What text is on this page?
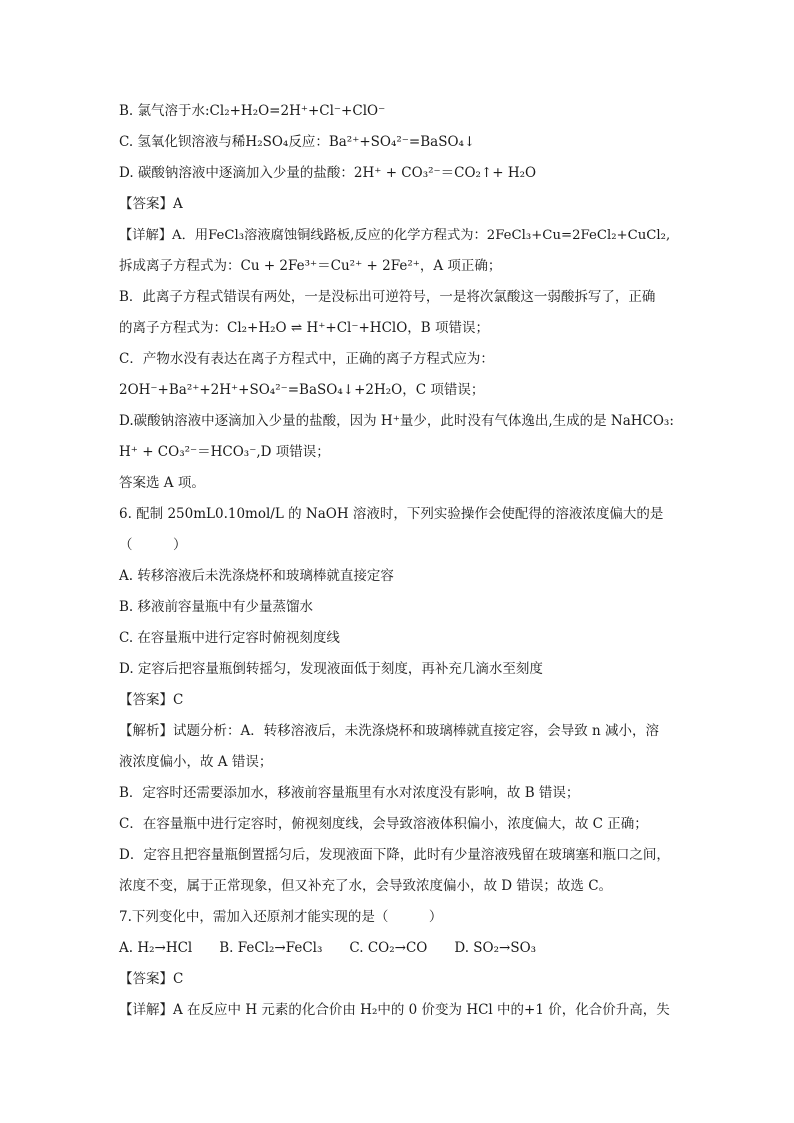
B. 氯气溶于水:Cl₂+H₂O=2H⁺+Cl⁻+ClO⁻
C. 氢氧化钡溶液与稀H₂SO₄反应：Ba²⁺+SO₄²⁻=BaSO₄↓
D. 碳酸钠溶液中逐滴加入少量的盐酸：2H⁺ + CO₃²⁻＝CO₂↑+ H₂O
【答案】A
【详解】A．用FeCl₃溶液腐蚀铜线路板,反应的化学方程式为：2FeCl₃+Cu=2FeCl₂+CuCl₂,
拆成离子方程式为：Cu + 2Fe³⁺＝Cu²⁺ + 2Fe²⁺，A 项正确；
B．此离子方程式错误有两处，一是没标出可逆符号，一是将次氯酸这一弱酸拆写了，正确
的离子方程式为：Cl₂+H₂O ⇌ H⁺+Cl⁻+HClO，B 项错误；
C．产物水没有表达在离子方程式中，正确的离子方程式应为：
2OH⁻+Ba²⁺+2H⁺+SO₄²⁻=BaSO₄↓+2H₂O，C 项错误；
D.碳酸钠溶液中逐滴加入少量的盐酸，因为 H⁺量少，此时没有气体逸出,生成的是 NaHCO₃:
H⁺ + CO₃²⁻＝HCO₃⁻,D 项错误；
答案选 A 项。
6. 配制 250mL0.10mol/L 的 NaOH 溶液时，下列实验操作会使配得的溶液浓度偏大的是
（　　　）
A. 转移溶液后未洗涤烧杯和玻璃棒就直接定容
B. 移液前容量瓶中有少量蒸馏水
C. 在容量瓶中进行定容时俯视刻度线
D. 定容后把容量瓶倒转摇匀，发现液面低于刻度，再补充几滴水至刻度
【答案】C
【解析】试题分析：A．转移溶液后，未洗涤烧杯和玻璃棒就直接定容，会导致 n 减小，溶
液浓度偏小，故 A 错误；
B．定容时还需要添加水，移液前容量瓶里有水对浓度没有影响，故 B 错误；
C．在容量瓶中进行定容时，俯视刻度线，会导致溶液体积偏小，浓度偏大，故 C 正确；
D．定容且把容量瓶倒置摇匀后，发现液面下降，此时有少量溶液残留在玻璃塞和瓶口之间，
浓度不变，属于正常现象，但又补充了水，会导致浓度偏小，故 D 错误；故选 C。
7.下列变化中，需加入还原剂才能实现的是（　　　）
A. H₂→HCl　　B. FeCl₂→FeCl₃　　C. CO₂→CO　　D. SO₂→SO₃
【答案】C
【详解】A 在反应中 H 元素的化合价由 H₂中的 0 价变为 HCl 中的+1 价，化合价升高，失
